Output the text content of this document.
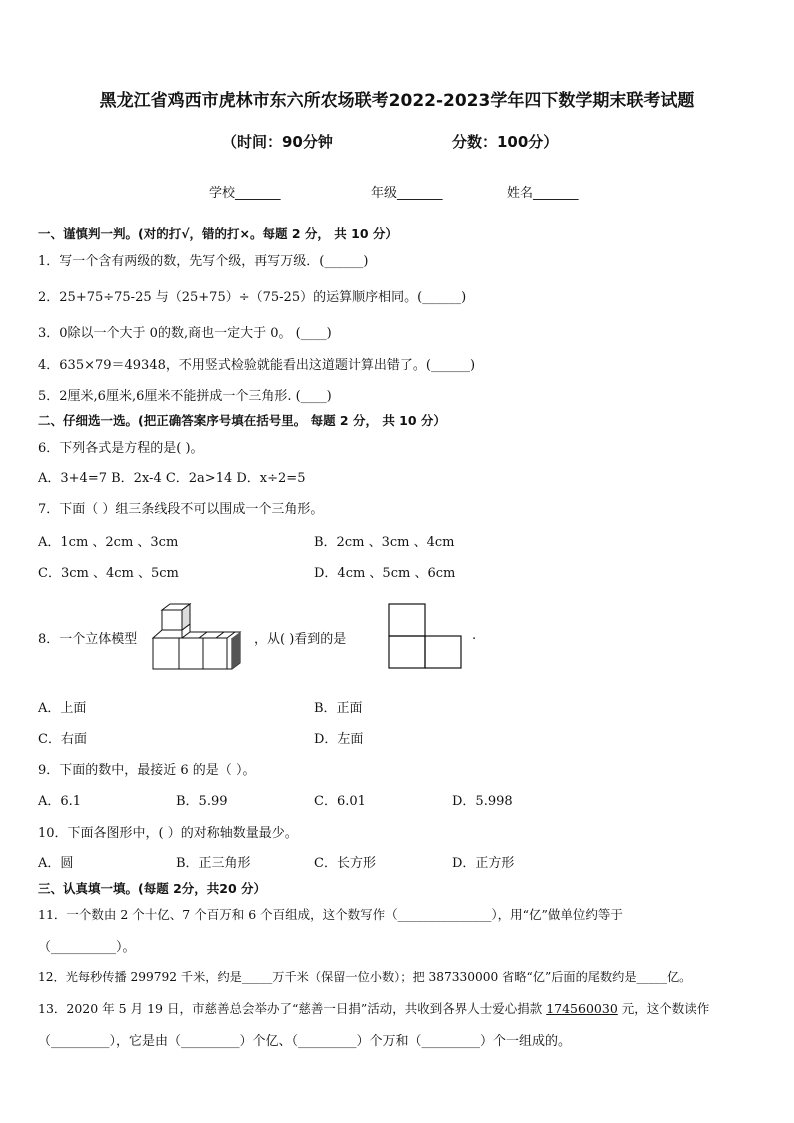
黑龙江省鸡西市虎林市东六所农场联考2022-2023学年四下数学期末联考试题
（时间：90分钟	分数：100分）
学校_______	年级_______	姓名_______
一、谨慎判一判。(对的打√，错的打×。每题 2 分， 共 10 分）
1．写一个含有两级的数，先写个级，再写万级．(______)
2．25+75÷75-25 与（25+75）÷（75-25）的运算顺序相同。(______)
3．0除以一个大于 0的数,商也一定大于 0。 (____)
4．635×79＝49348，不用竖式检验就能看出这道题计算出错了。(______)
5．2厘米,6厘米,6厘米不能拼成一个三角形. (____)
二、仔细选一选。(把正确答案序号填在括号里。 每题 2 分， 共 10 分）
6．下列各式是方程的是( )。
A．3+4=7 B．2x-4 C．2a>14 D．x÷2=5
7．下面（ ）组三条线段不可以围成一个三角形。
A．1cm 、2cm 、3cm	B．2cm 、3cm 、4cm
C．3cm 、4cm 、5cm	D．4cm 、5cm 、6cm
8．一个立体模型	，从( )看到的是	.
A．上面	B．正面
C．右面	D．左面
9．下面的数中，最接近 6 的是（ ）。
A．6.1	B．5.99	C．6.01	D．5.998
10．下面各图形中，( ）的对称轴数量最少。
A．圆	B．正三角形	C．长方形	D．正方形
三、认真填一填。(每题 2分，共20 分）
11．一个数由 2 个十亿、7 个百万和 6 个百组成，这个数写作（_______________），用“亿”做单位约等于
（__________）。
12．光每秒传播 299792 千米，约是_____万千米（保留一位小数）；把 387330000 省略“亿”后面的尾数约是_____亿。
13．2020 年 5 月 19 日，市慈善总会举办了“慈善一日捐”活动，共收到各界人士爱心捐款 174560030 元，这个数读作
（_________），它是由（_________）个亿、（_________）个万和（_________）个一组成的。
